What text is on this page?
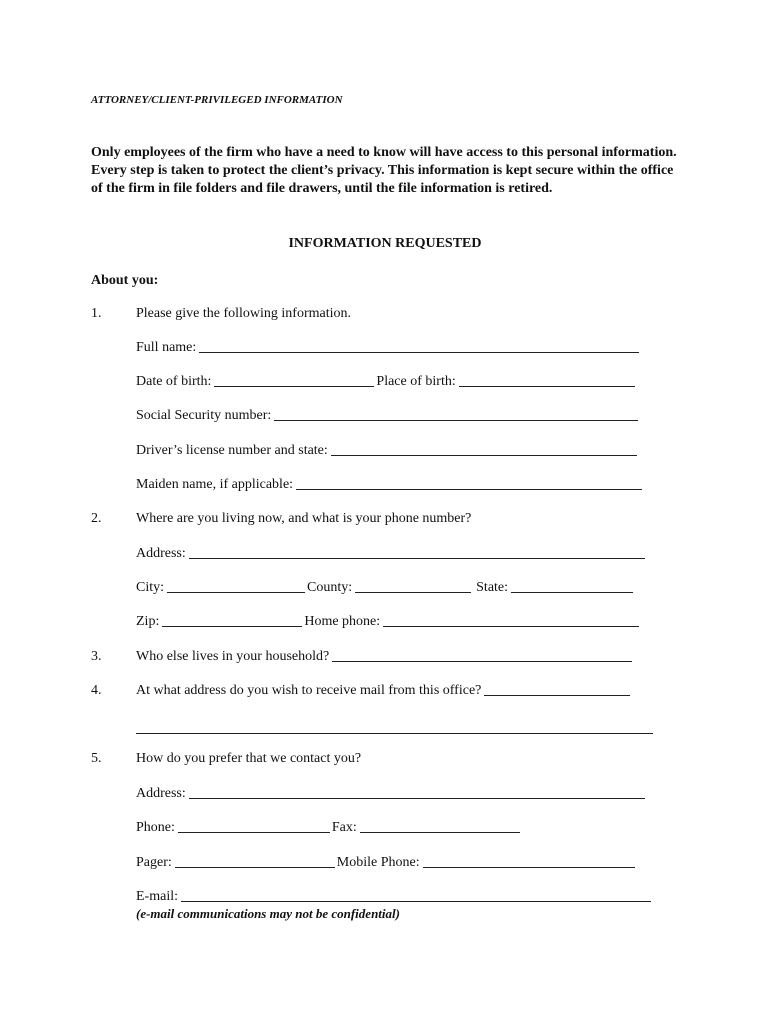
ATTORNEY/CLIENT-PRIVILEGED INFORMATION
Only employees of the firm who have a need to know will have access to this personal information. Every step is taken to protect the client’s privacy. This information is kept secure within the office of the firm in file folders and file drawers, until the file information is retired.
INFORMATION REQUESTED
About you:
1. Please give the following information.
Full name:
Date of birth:	Place of birth:
Social Security number:
Driver’s license number and state:
Maiden name, if applicable:
2. Where are you living now, and what is your phone number?
Address:
City:	County:	State:
Zip:	Home phone:
3. Who else lives in your household?
4. At what address do you wish to receive mail from this office?
5. How do you prefer that we contact you?
Address:
Phone:	Fax:
Pager:	Mobile Phone:
E-mail:
(e-mail communications may not be confidential)
